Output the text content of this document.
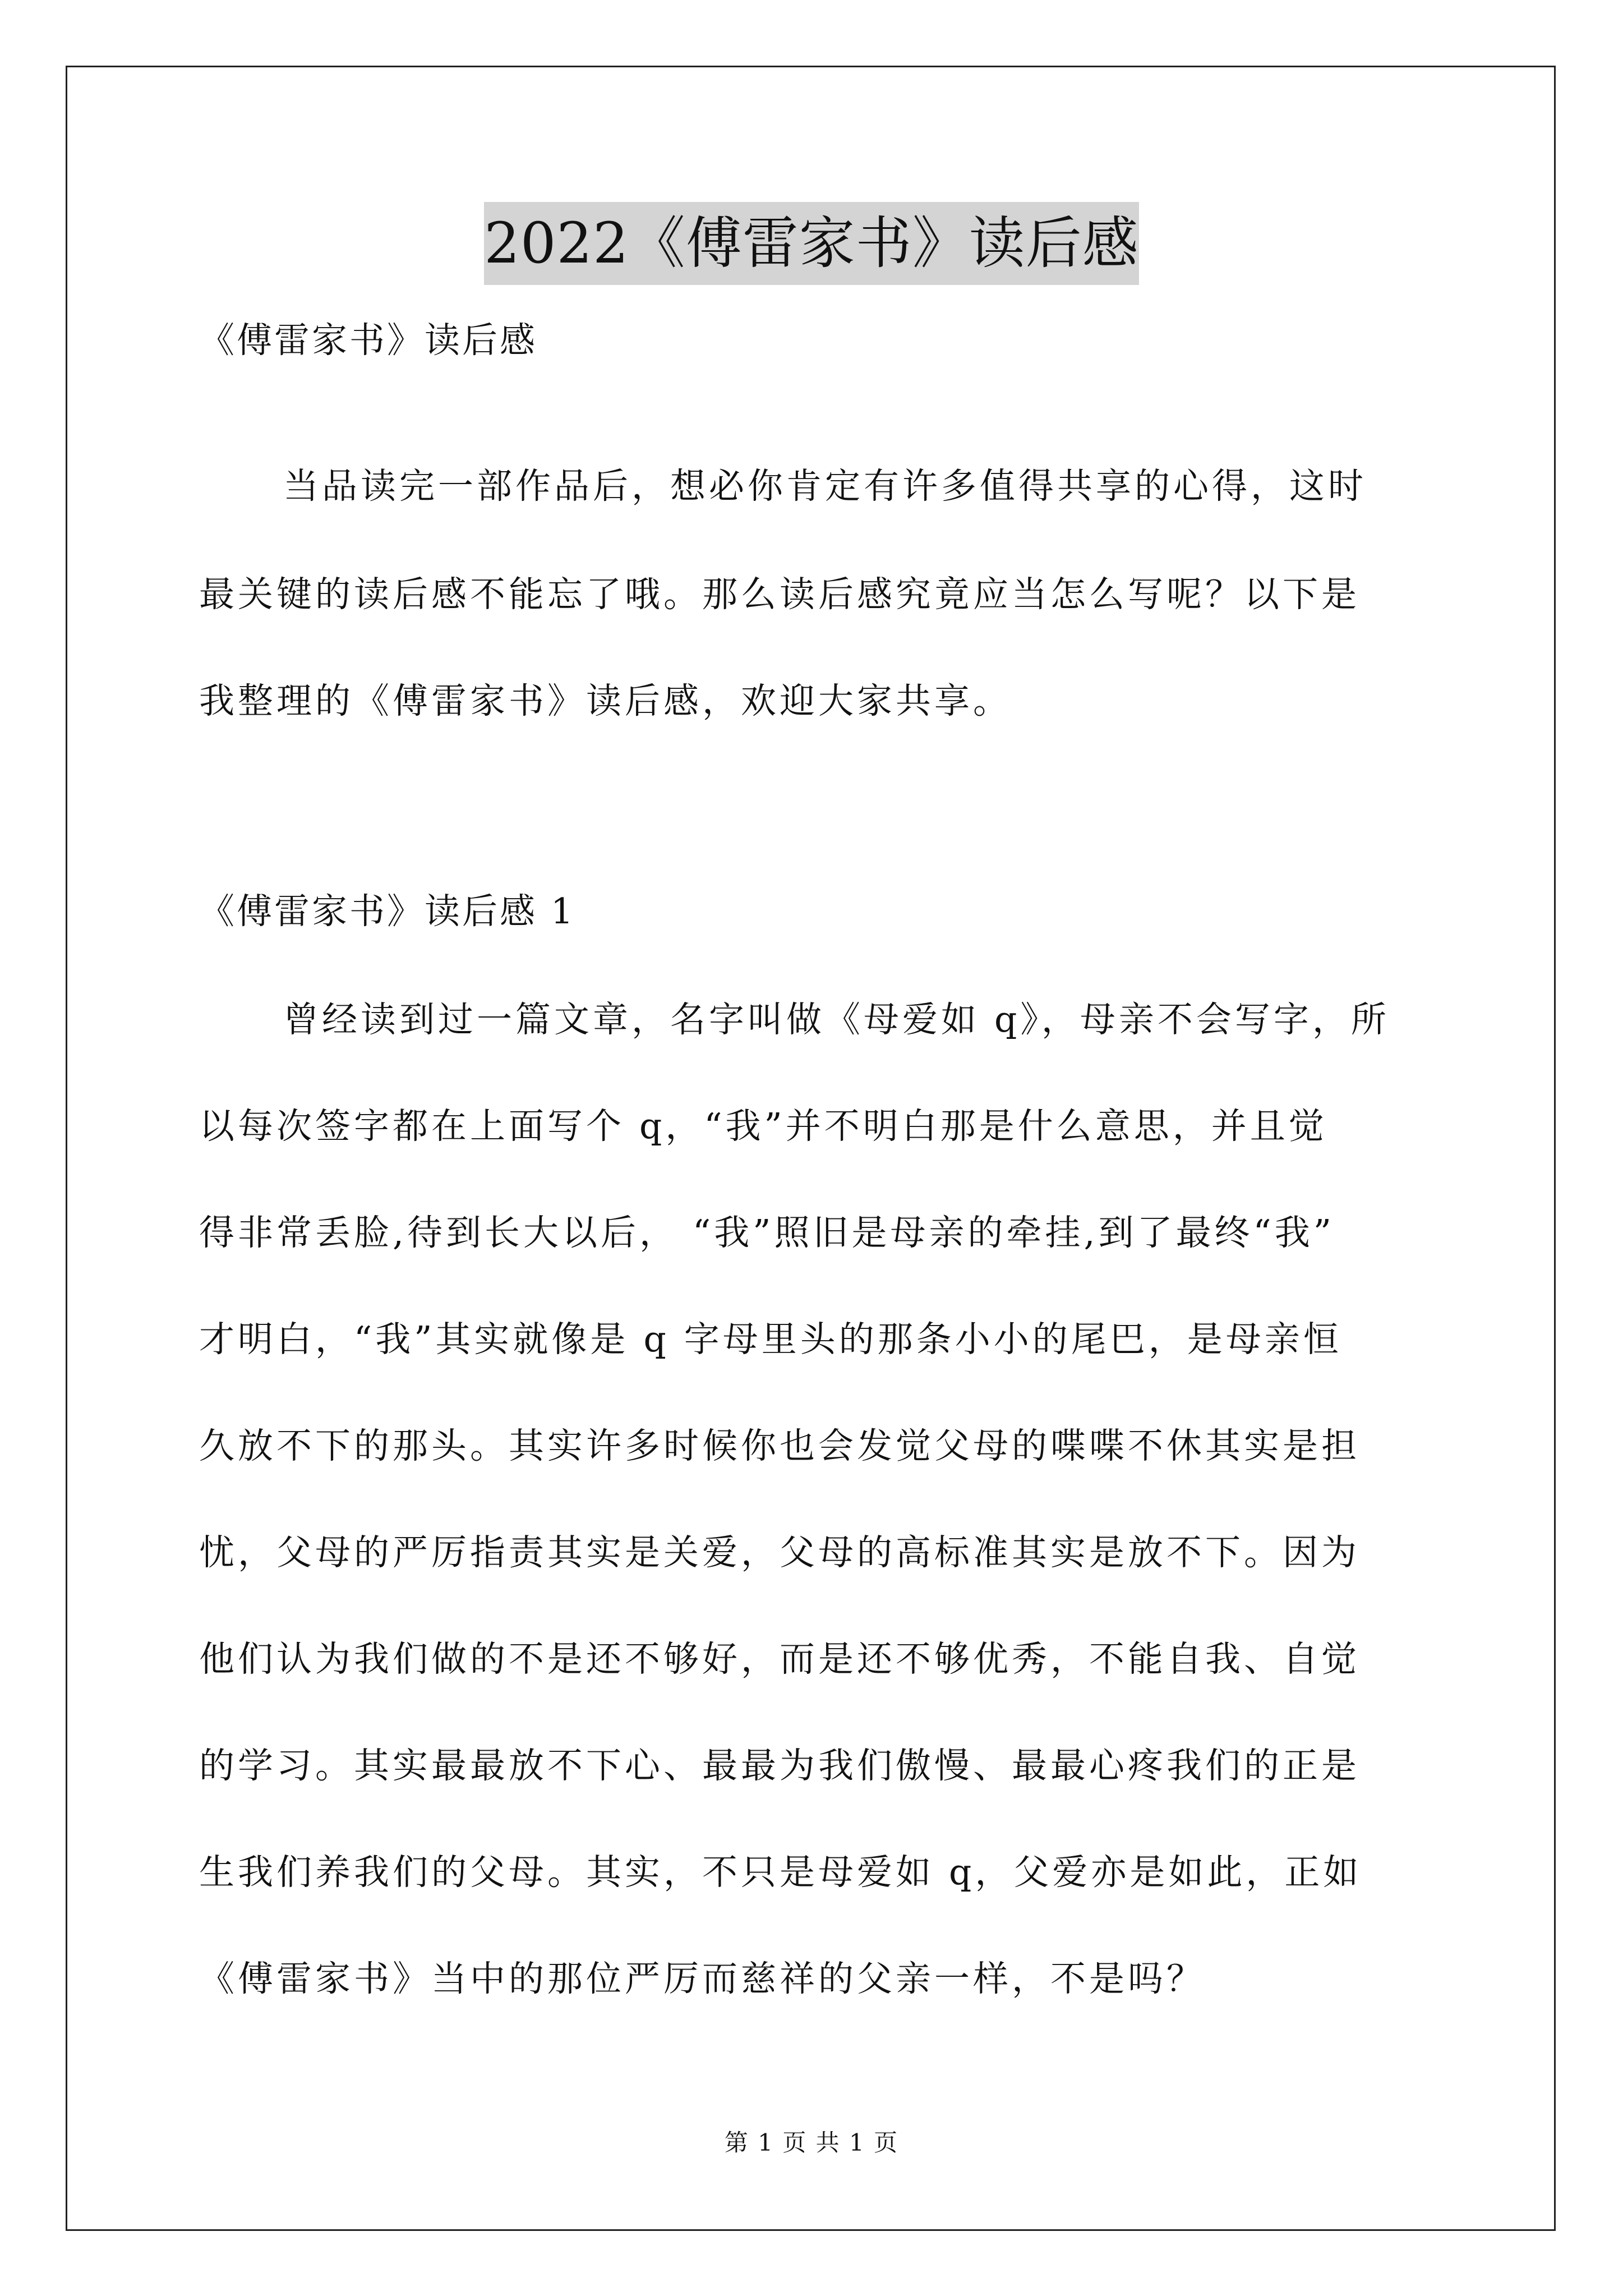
2022《傅雷家书》读后感
《傅雷家书》读后感
当品读完一部作品后，想必你肯定有许多值得共享的心得，这时
最关键的读后感不能忘了哦。那么读后感究竟应当怎么写呢？以下是
我整理的《傅雷家书》读后感，欢迎大家共享。
《傅雷家书》读后感 1
曾经读到过一篇文章，名字叫做《母爱如 q》，母亲不会写字，所
以每次签字都在上面写个 q，“我”并不明白那是什么意思，并且觉
得非常丢脸,待到长大以后， “我”照旧是母亲的牵挂,到了最终“我”
才明白，“我”其实就像是 q 字母里头的那条小小的尾巴，是母亲恒
久放不下的那头。其实许多时候你也会发觉父母的喋喋不休其实是担
忧，父母的严厉指责其实是关爱，父母的高标准其实是放不下。因为
他们认为我们做的不是还不够好，而是还不够优秀，不能自我、自觉
的学习。其实最最放不下心、最最为我们傲慢、最最心疼我们的正是
生我们养我们的父母。其实，不只是母爱如 q，父爱亦是如此，正如
《傅雷家书》当中的那位严厉而慈祥的父亲一样，不是吗？
第 1 页 共 1 页
